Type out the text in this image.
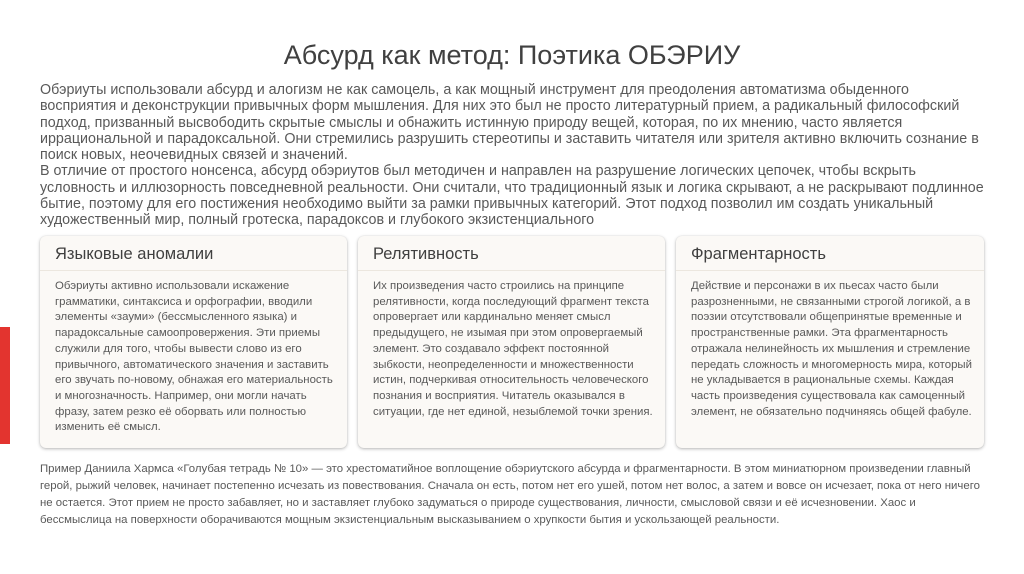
Абсурд как метод: Поэтика ОБЭРИУ

Обэриуты использовали абсурд и алогизм не как самоцель, а как мощный инструмент для преодоления автоматизма обыденного восприятия и деконструкции привычных форм мышления. Для них это был не просто литературный прием, а радикальный философский подход, призванный высвободить скрытые смыслы и обнажить истинную природу вещей, которая, по их мнению, часто является иррациональной и парадоксальной. Они стремились разрушить стереотипы и заставить читателя или зрителя активно включить сознание в поиск новых, неочевидных связей и значений.

В отличие от простого нонсенса, абсурд обэриутов был методичен и направлен на разрушение логических цепочек, чтобы вскрыть условность и иллюзорность повседневной реальности. Они считали, что традиционный язык и логика скрывают, а не раскрывают подлинное бытие, поэтому для его постижения необходимо выйти за рамки привычных категорий. Этот подход позволил им создать уникальный художественный мир, полный гротеска, парадоксов и глубокого экзистенциального

Языковые аномалии

Обэриуты активно использовали искажение грамматики, синтаксиса и орфографии, вводили элементы «зауми» (бессмысленного языка) и парадоксальные самоопровержения. Эти приемы служили для того, чтобы вывести слово из его привычного, автоматического значения и заставить его звучать по-новому, обнажая его материальность и многозначность. Например, они могли начать фразу, затем резко её оборвать или полностью изменить её смысл.

Релятивность

Их произведения часто строились на принципе релятивности, когда последующий фрагмент текста опровергает или кардинально меняет смысл предыдущего, не изымая при этом опровергаемый элемент. Это создавало эффект постоянной зыбкости, неопределенности и множественности истин, подчеркивая относительность человеческого познания и восприятия. Читатель оказывался в ситуации, где нет единой, незыблемой точки зрения.

Фрагментарность

Действие и персонажи в их пьесах часто были разрозненными, не связанными строгой логикой, а в поэзии отсутствовали общепринятые временные и пространственные рамки. Эта фрагментарность отражала нелинейность их мышления и стремление передать сложность и многомерность мира, который не укладывается в рациональные схемы. Каждая часть произведения существовала как самоценный элемент, не обязательно подчиняясь общей фабуле.

Пример Даниила Хармса «Голубая тетрадь № 10» — это хрестоматийное воплощение обэриутского абсурда и фрагментарности. В этом миниатюрном произведении главный герой, рыжий человек, начинает постепенно исчезать из повествования. Сначала он есть, потом нет его ушей, потом нет волос, а затем и вовсе он исчезает, пока от него ничего не остается. Этот прием не просто забавляет, но и заставляет глубоко задуматься о природе существования, личности, смысловой связи и её исчезновении. Хаос и бессмыслица на поверхности оборачиваются мощным экзистенциальным высказыванием о хрупкости бытия и ускользающей реальности.
